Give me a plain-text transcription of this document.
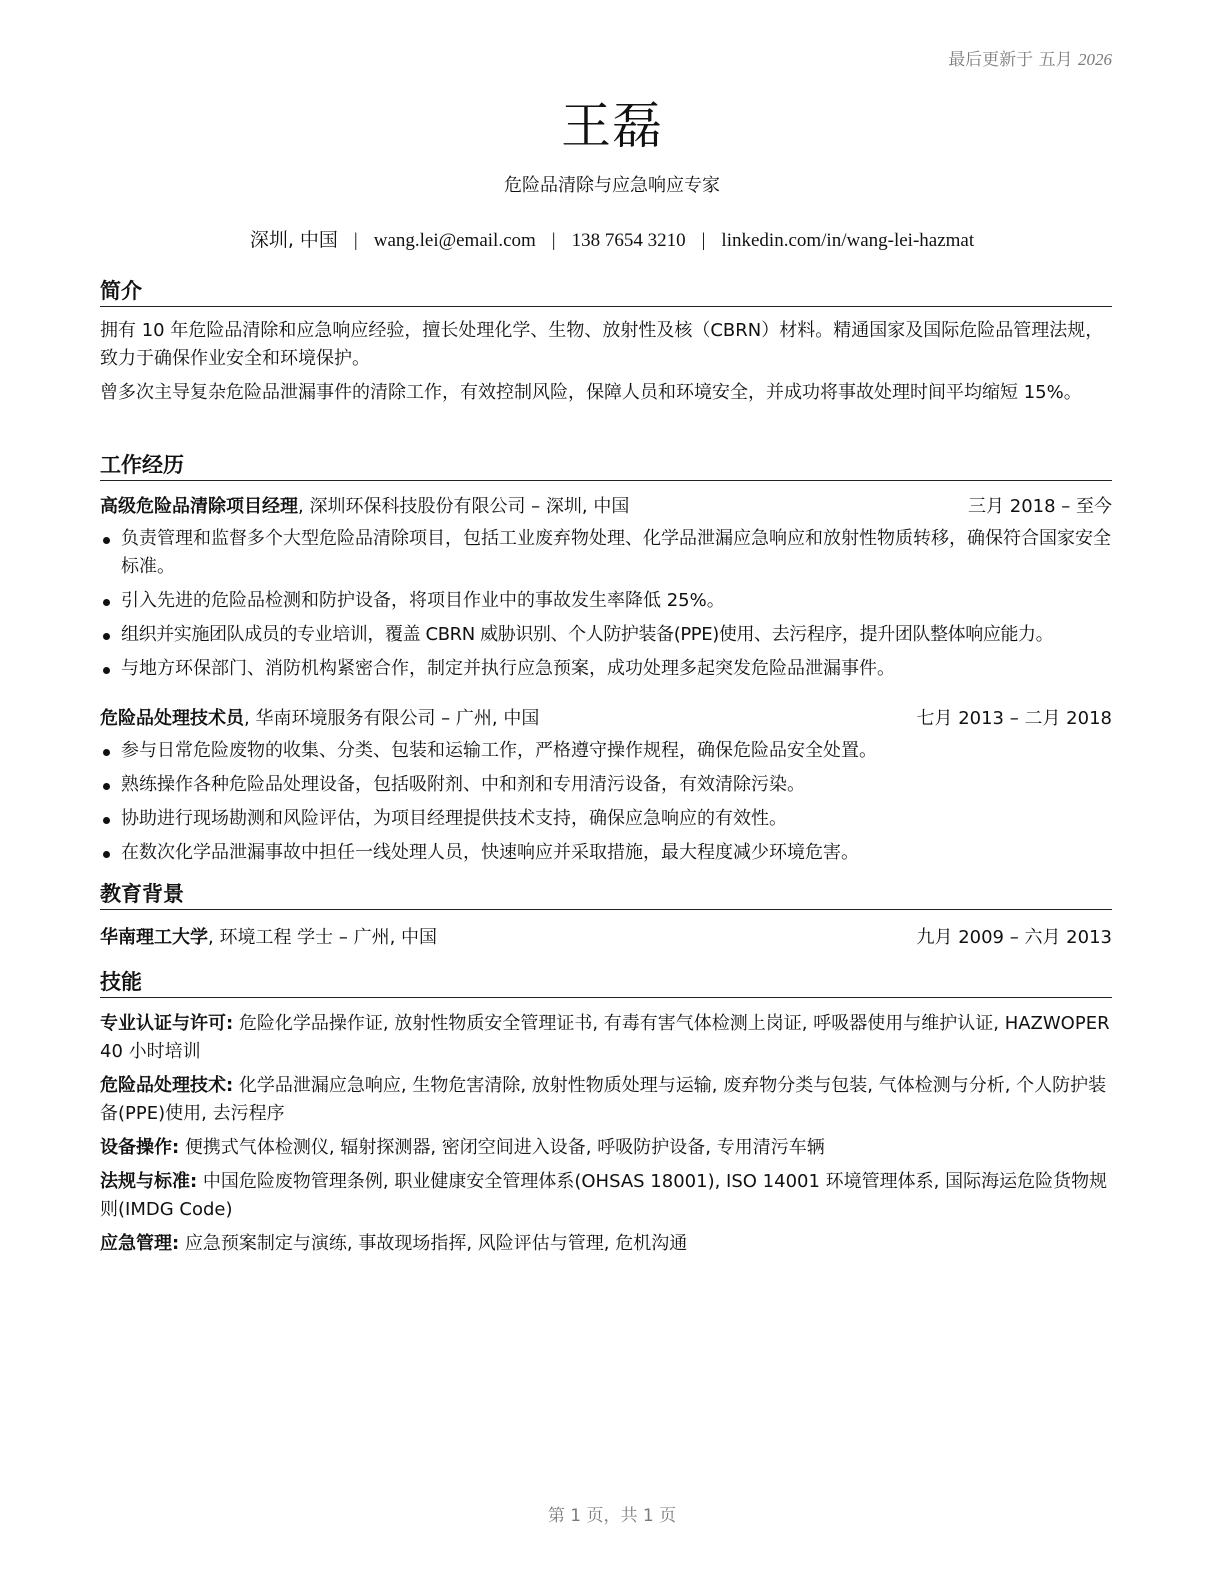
最后更新于 五月 2026
王磊
危险品清除与应急响应专家
深圳, 中国 | wang.lei@email.com | 138 7654 3210 | linkedin.com/in/wang-lei-hazmat
简介

拥有 10 年危险品清除和应急响应经验，擅长处理化学、生物、放射性及核（CBRN）材料。精通国家及国际危险品管理法规，致力于确保作业安全和环境保护。

曾多次主导复杂危险品泄漏事件的清除工作，有效控制风险，保障人员和环境安全，并成功将事故处理时间平均缩短 15%。

工作经历
高级危险品清除项目经理, 深圳环保科技股份有限公司 – 深圳, 中国	三月 2018 – 至今
负责管理和监督多个大型危险品清除项目，包括工业废弃物处理、化学品泄漏应急响应和放射性物质转移，确保符合国家安全标准。
引入先进的危险品检测和防护设备，将项目作业中的事故发生率降低 25%。
组织并实施团队成员的专业培训，覆盖 CBRN 威胁识别、个人防护装备(PPE)使用、去污程序，提升团队整体响应能力。
与地方环保部门、消防机构紧密合作，制定并执行应急预案，成功处理多起突发危险品泄漏事件。
危险品处理技术员, 华南环境服务有限公司 – 广州, 中国	七月 2013 – 二月 2018
参与日常危险废物的收集、分类、包装和运输工作，严格遵守操作规程，确保危险品安全处置。
熟练操作各种危险品处理设备，包括吸附剂、中和剂和专用清污设备，有效清除污染。
协助进行现场勘测和风险评估，为项目经理提供技术支持，确保应急响应的有效性。
在数次化学品泄漏事故中担任一线处理人员，快速响应并采取措施，最大程度减少环境危害。
教育背景
华南理工大学, 环境工程 学士 – 广州, 中国	九月 2009 – 六月 2013
技能

专业认证与许可: 危险化学品操作证, 放射性物质安全管理证书, 有毒有害气体检测上岗证, 呼吸器使用与维护认证, HAZWOPER 40 小时培训

危险品处理技术: 化学品泄漏应急响应, 生物危害清除, 放射性物质处理与运输, 废弃物分类与包装, 气体检测与分析, 个人防护装备(PPE)使用, 去污程序

设备操作: 便携式气体检测仪, 辐射探测器, 密闭空间进入设备, 呼吸防护设备, 专用清污车辆

法规与标准: 中国危险废物管理条例, 职业健康安全管理体系(OHSAS 18001), ISO 14001 环境管理体系, 国际海运危险货物规则(IMDG Code)

应急管理: 应急预案制定与演练, 事故现场指挥, 风险评估与管理, 危机沟通

第 1 页，共 1 页
